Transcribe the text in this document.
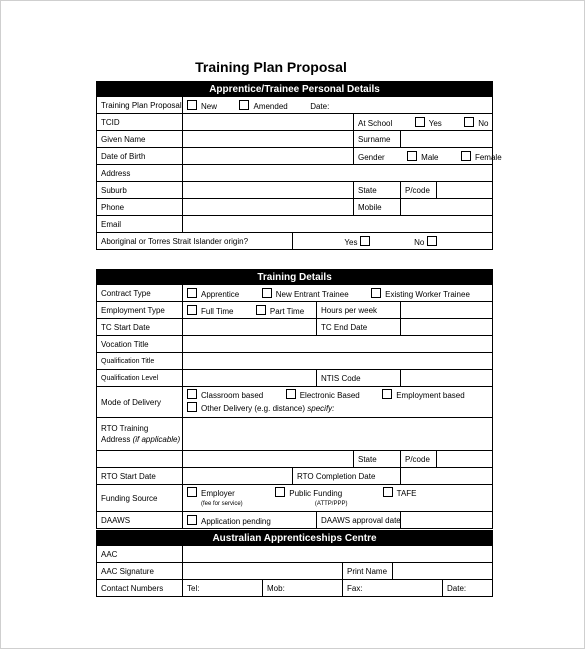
Training Plan Proposal
Apprentice/Trainee Personal Details					
Training Plan Proposal	New Amended Date:				
TCID			At School Yes No		
Given Name			Surname		
Date of Birth			Gender Male Female		
Address					
Suburb			State	P/code	
Phone			Mobile		
Email					
Aboriginal or Torres Strait Islander origin?		Yes No			
Training Details						
Contract Type	Apprentice New Entrant Trainee Existing Worker Trainee					
Employment Type	Full Time Part Time		Hours per week			
TC Start Date			TC End Date			
Vocation Title						
Qualification Title						
Qualification Level			NTIS Code			
Mode of Delivery	Classroom based Electronic Based Employment based
Other Delivery (e.g. distance) specify:					
RTO Training
Address (if applicable)						
				State	P/code	
RTO Start Date		RTO Completion Date				
Funding Source	Employer Public Funding TAFE
(fee for service) (ATTP/PPP)					
DAAWS	Application pending		DAAWS approval date			
Australian Apprenticeships Centre					
AAC					
AAC Signature			Print Name		
Contact Numbers	Tel:	Mob:	Fax:		Date:
